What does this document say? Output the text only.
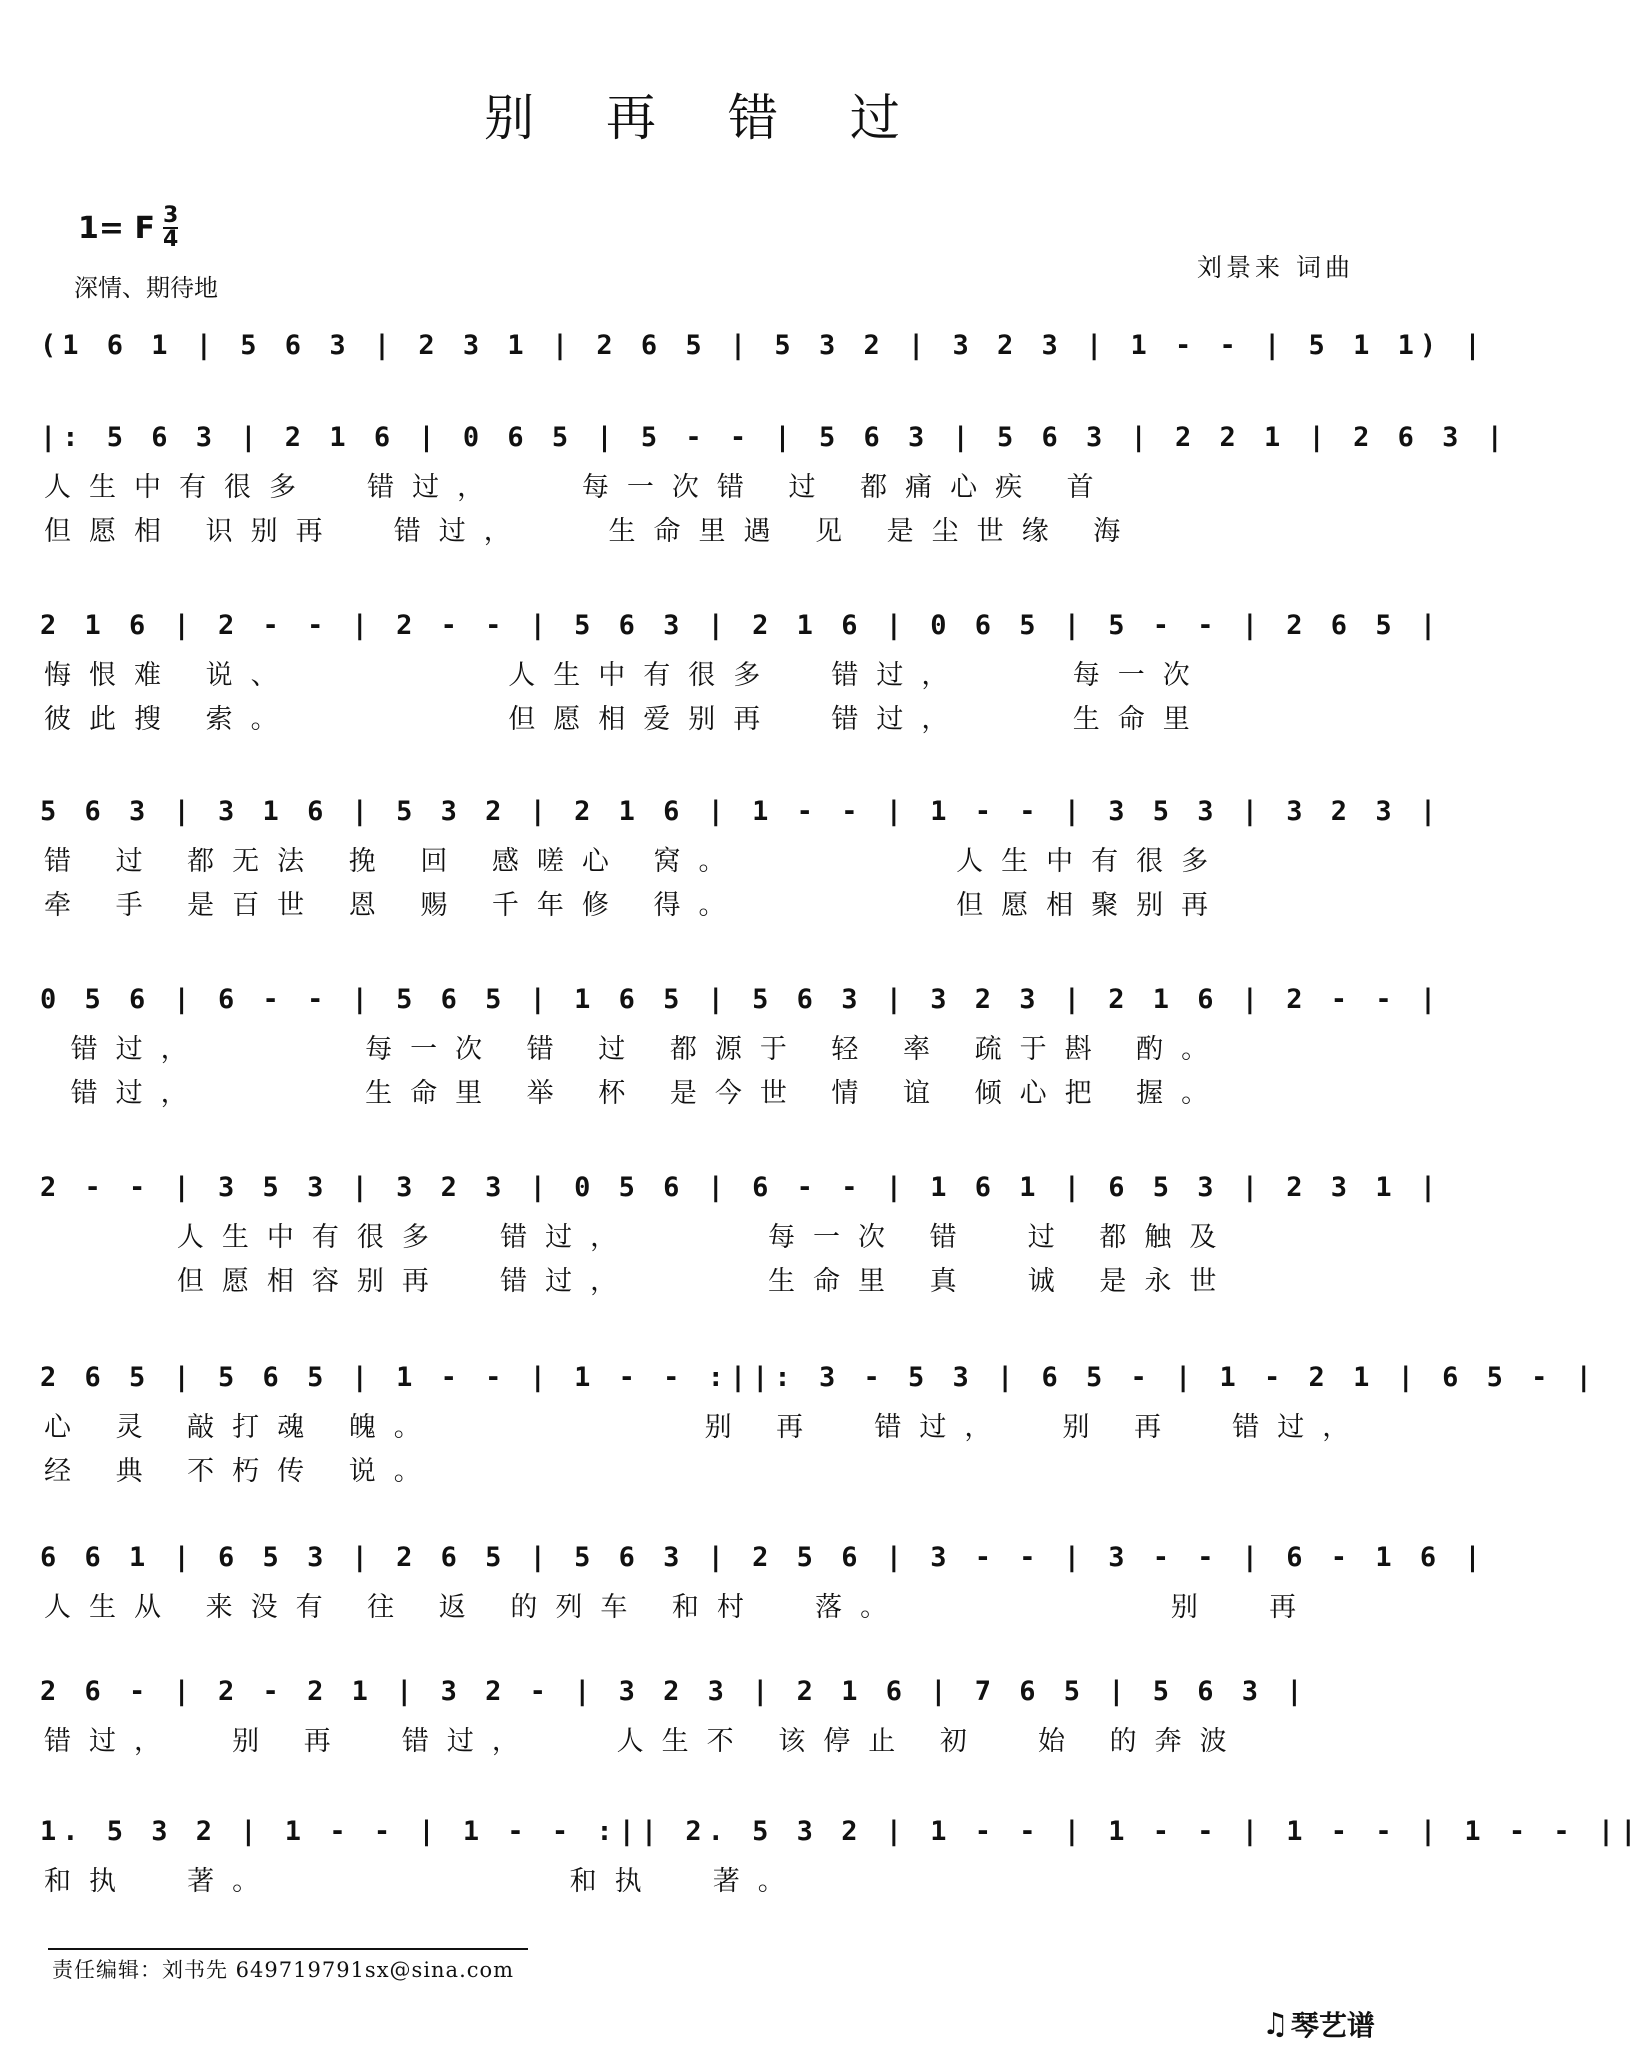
别 再 错 过
1= F $\frac{3}{4}$
深情、期待地
刘景来 词曲
(1 6 1 | 5 6 3 | 2 3 1 | 2 6 5 | 5 3 2 | 3 2 3 | 1 - - | 5 1 1) |
|: 5 6 3 | 2 1 6 | 0 6 5 | 5 - - | 5 6 3 | 5 6 3 | 2 2 1 | 2 6 3 |
人生中有很多  错过，   每一次错 过 都痛心疾 首
但愿相 识别再  错过，   生命里遇 见 是尘世缘 海
2 1 6 | 2 - - | 2 - - | 5 6 3 | 2 1 6 | 0 6 5 | 5 - - | 2 6 5 |
悔恨难 说、        人生中有很多  错过，    每一次
彼此搜 索。        但愿相爱别再  错过，    生命里
5 6 3 | 3 1 6 | 5 3 2 | 2 1 6 | 1 - - | 1 - - | 3 5 3 | 3 2 3 |
错 过 都无法 挽 回 感嗟心 窝。        人生中有很多
牵 手 是百世 恩 赐 千年修 得。        但愿相聚别再
0 5 6 | 6 - - | 5 6 5 | 1 6 5 | 5 6 3 | 3 2 3 | 2 1 6 | 2 - - |
错过，      每一次 错 过 都源于 轻 率 疏于斟 酌。
错过，      生命里 举 杯 是今世 情 谊 倾心把 握。
2 - - | 3 5 3 | 3 2 3 | 0 5 6 | 6 - - | 1 6 1 | 6 5 3 | 2 3 1 |
人生中有很多  错过，     每一次 错  过 都触及
但愿相容别再  错过，     生命里 真  诚 是永世
2 6 5 | 5 6 5 | 1 - - | 1 - - :||: 3 - 5 3 | 6 5 - | 1 - 2 1 | 6 5 - |
心 灵 敲打魂 魄。          别 再  错过，  别 再  错过，
经 典 不朽传 说。
6 6 1 | 6 5 3 | 2 6 5 | 5 6 3 | 2 5 6 | 3 - - | 3 - - | 6 - 1 6 |
人生从 来没有 往 返 的列车 和村  落。          别  再
2 6 - | 2 - 2 1 | 3 2 - | 3 2 3 | 2 1 6 | 7 6 5 | 5 6 3 |
错过，  别 再  错过，   人生不 该停止 初  始 的奔波
1. 5 3 2 | 1 - - | 1 - - :|| 2. 5 3 2 | 1 - - | 1 - - | 1 - - | 1 - - ||
和执  著。           和执  著。
责任编辑：刘书先 649719791sx@sina.com
♫ 琴艺谱
